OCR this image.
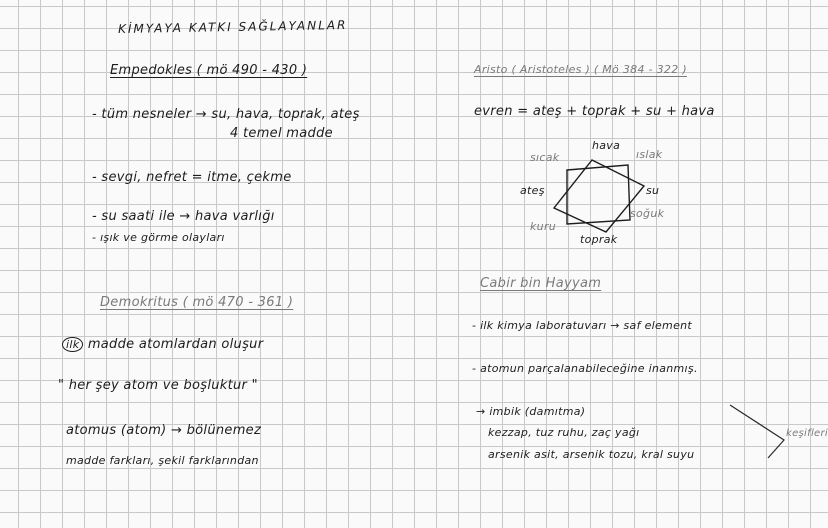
KİMYAYA KATKI SAĞLAYANLAR
Empedokles ( mö 490 - 430 )
- tüm nesneler → su, hava, toprak, ateş
4 temel madde
- sevgi, nefret = itme, çekme
- su saati ile → hava varlığı
- ışık ve görme olayları
Demokritus ( mö 470 - 361 )
ilk madde atomlardan oluşur
" her şey atom ve boşluktur "
atomus (atom) → bölünemez
madde farkları, şekil farklarından
Aristo ( Aristoteles ) ( Mö 384 - 322 )
evren = ateş + toprak + su + hava
hava
ateş	su
toprak
sıcak	ıslak
kuru
soğuk
Cabir bin Hayyam
- ilk kimya laboratuvarı → saf element
- atomun parçalanabileceğine inanmış.
→ imbik (damıtma)
kezzap, tuz ruhu, zaç yağı
arsenik asit, arsenik tozu, kral suyu
keşifleri
